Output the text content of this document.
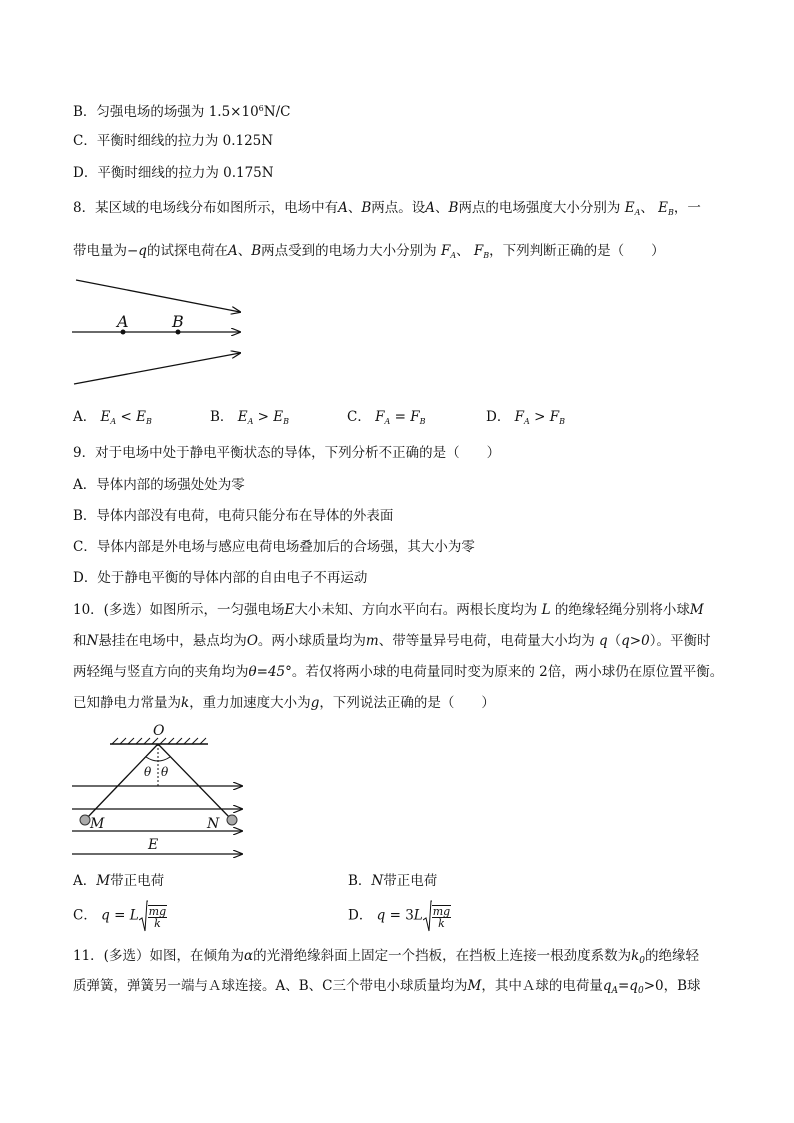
B．匀强电场的场强为 $1.5\times 10^6N/C$
C．平衡时细线的拉力为 0.125N
D．平衡时细线的拉力为 0.175N
8．某区域的电场线分布如图所示，电场中有A、B两点。设A、B两点的电场强度大小分别为 $E_A$、 $E_B$，一
带电量为−q的试探电荷在A、B两点受到的电场力大小分别为 $F_A$、 $F_B$，下列判断正确的是（　　）
A	B
A． $E_A < E_B$	B． $E_A > E_B$	C． $F_A = F_B$	D． $F_A > F_B$
9．对于电场中处于静电平衡状态的导体，下列分析不正确的是（　　）
A．导体内部的场强处处为零
B．导体内部没有电荷，电荷只能分布在导体的外表面
C．导体内部是外电场与感应电荷电场叠加后的合场强，其大小为零
D．处于静电平衡的导体内部的自由电子不再运动
10．(多选）如图所示，一匀强电场E大小未知、方向水平向右。两根长度均为 L 的绝缘轻绳分别将小球M
和N悬挂在电场中，悬点均为O。两小球质量均为m、带等量异号电荷，电荷量大小均为 q（q>0）。平衡时
两轻绳与竖直方向的夹角均为θ=45°。若仅将两小球的电荷量同时变为原来的 2倍，两小球仍在原位置平衡。
已知静电力常量为k，重力加速度大小为g，下列说法正确的是（　　）
O
θ θ
M	N
E
A．M带正电荷	B．N带正电荷
C． q = L $\frac{mg}{k}$	D． $q = 3L \frac{mg}{k}$
11．(多选）如图，在倾角为α的光滑绝缘斜面上固定一个挡板，在挡板上连接一根劲度系数为$k_0$的绝缘轻
质弹簧，弹簧另一端与Ａ球连接。A、B、C三个带电小球质量均为M，其中Ａ球的电荷量$q_A=q_0>0$，B球
